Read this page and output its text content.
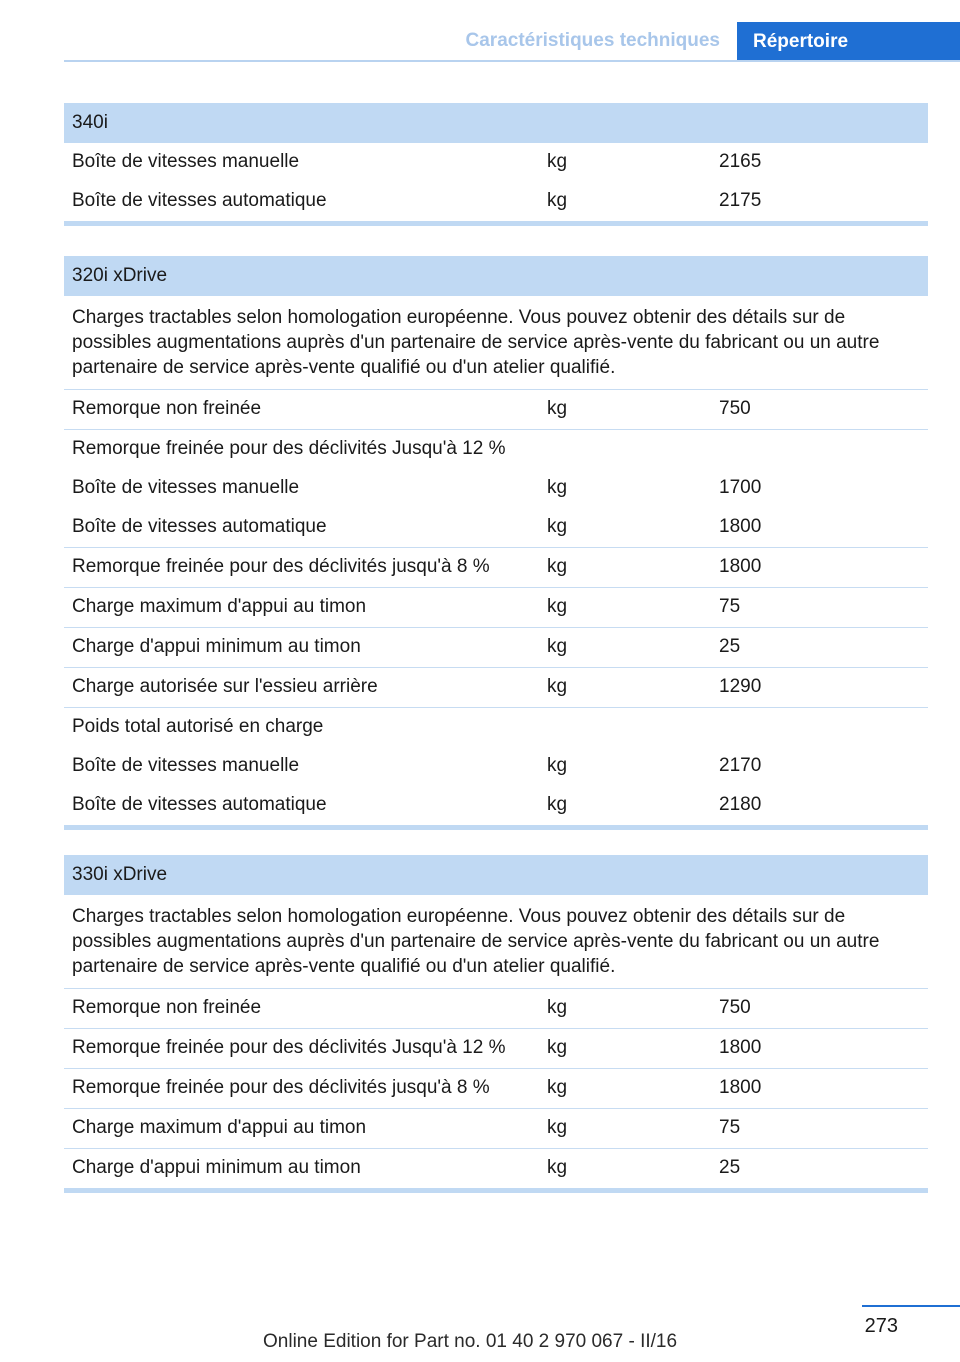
Caractéristiques techniques	Répertoire
340i
Boîte de vitesses manuelle	kg	2165
Boîte de vitesses automatique	kg	2175
320i xDrive
Charges tractables selon homologation européenne. Vous pouvez obtenir des détails sur de possibles augmentations auprès d'un partenaire de service après-vente du fabricant ou un autre partenaire de service après-vente qualifié ou d'un atelier qualifié.
Remorque non freinée	kg	750
Remorque freinée pour des déclivités Jusqu'à 12 %
Boîte de vitesses manuelle	kg	1700
Boîte de vitesses automatique	kg	1800
Remorque freinée pour des déclivités jusqu'à 8 %	kg	1800
Charge maximum d'appui au timon	kg	75
Charge d'appui minimum au timon	kg	25
Charge autorisée sur l'essieu arrière	kg	1290
Poids total autorisé en charge
Boîte de vitesses manuelle	kg	2170
Boîte de vitesses automatique	kg	2180
330i xDrive
Charges tractables selon homologation européenne. Vous pouvez obtenir des détails sur de possibles augmentations auprès d'un partenaire de service après-vente du fabricant ou un autre partenaire de service après-vente qualifié ou d'un atelier qualifié.
Remorque non freinée	kg	750
Remorque freinée pour des déclivités Jusqu'à 12 % kg	1800
Remorque freinée pour des déclivités jusqu'à 8 %	kg	1800
Charge maximum d'appui au timon	kg	75
Charge d'appui minimum au timon	kg	25
273
Online Edition for Part no. 01 40 2 970 067 - II/16
